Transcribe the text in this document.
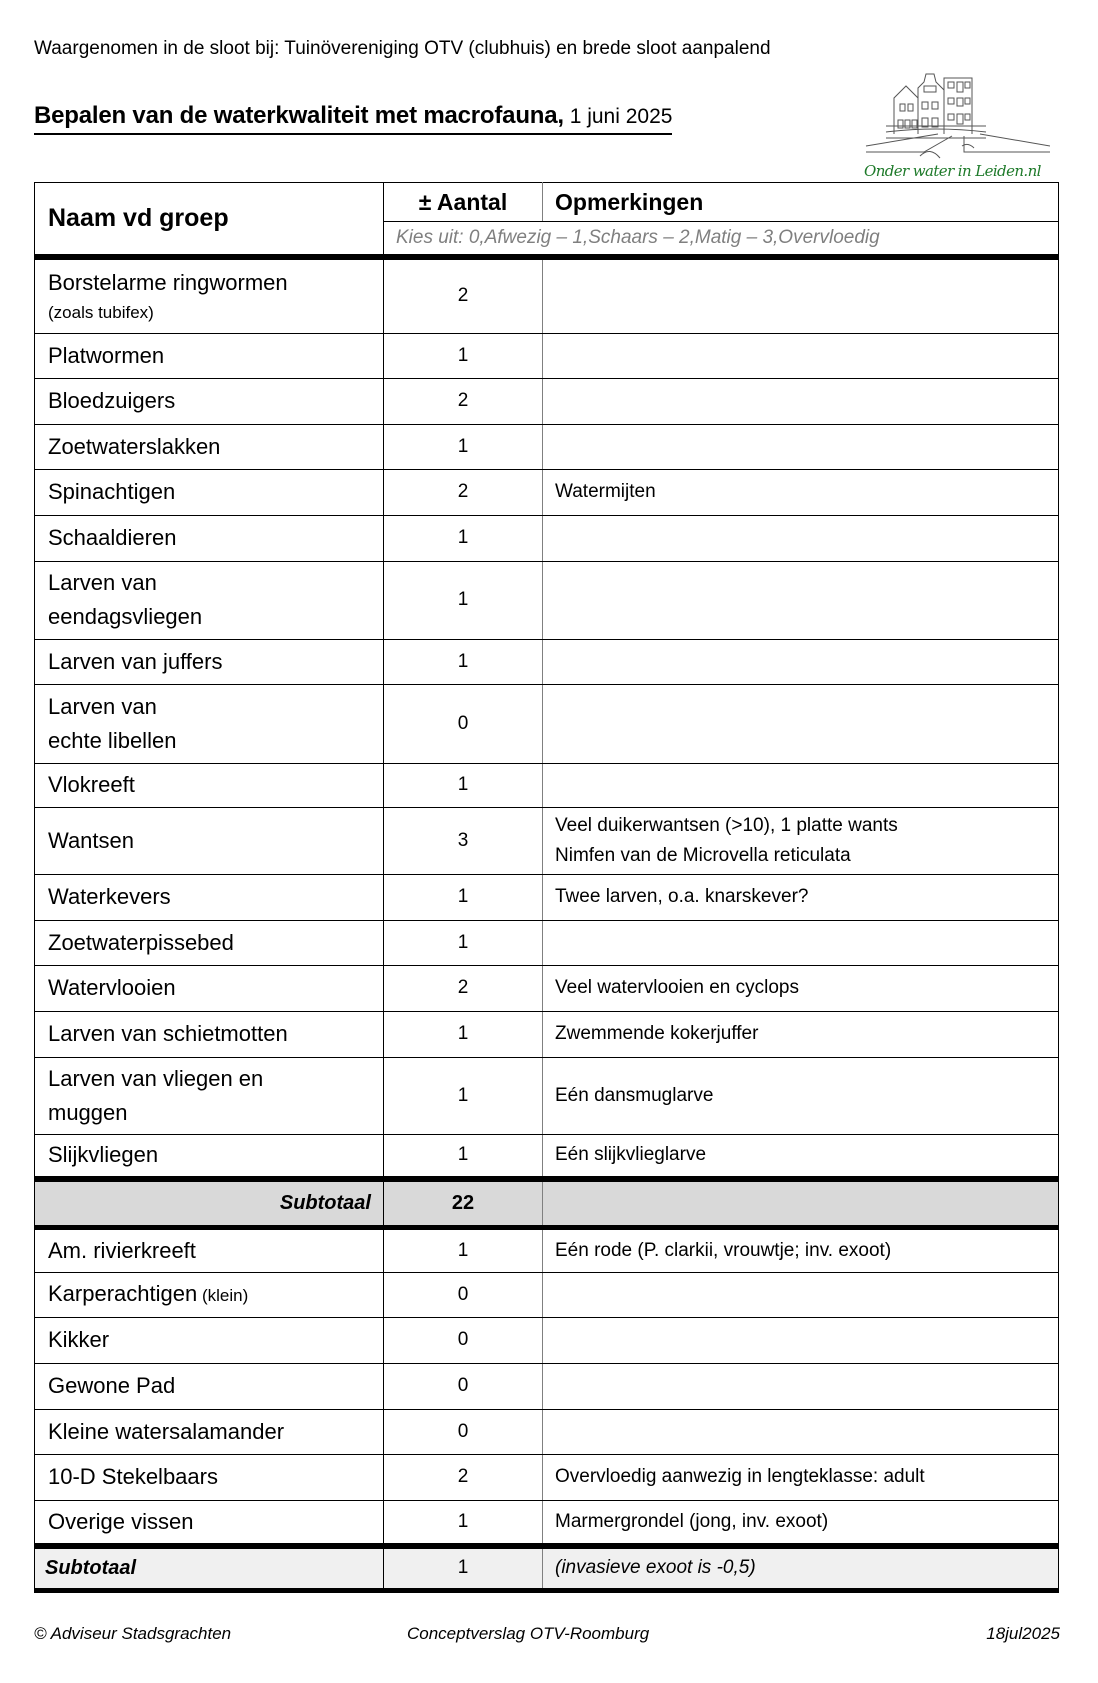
Waargenomen in de sloot bij: Tuinövereniging OTV (clubhuis) en brede sloot aanpalend
Bepalen van de waterkwaliteit met macrofauna, 1 juni 2025
Onder water in Leiden.nl
Naam vd groep	± Aantal	Opmerkingen
	Kies uit: 0,Afwezig – 1,Schaars – 2,Matig – 3,Overvloedig	
Borstelarme ringwormen
(zoals tubifex)	2	
Platwormen	1	
Bloedzuigers	2	
Zoetwaterslakken	1	
Spinachtigen	2	Watermijten
Schaaldieren	1	

Larven van
eendagsvliegen	1	
Larven van juffers	1	

Larven van
echte libellen	0	
Vlokreeft	1	
Wantsen	3	Veel duikerwantsen (>10), 1 platte wants
Nimfen van de Microvella reticulata

Waterkevers	1	Twee larven, o.a. knarskever?
Zoetwaterpissebed	1	
Watervlooien	2	Veel watervlooien en cyclops
Larven van schietmotten	1	Zwemmende kokerjuffer

Larven van vliegen en
muggen	1	Eén dansmuglarve
Slijkvliegen	1	Eén slijkvlieglarve
Subtotaal	22	
Am. rivierkreeft	1	Eén rode (P. clarkii, vrouwtje; inv. exoot)
Karperachtigen (klein)	0	
Kikker	0	
Gewone Pad	0	
Kleine watersalamander	0	
10-D Stekelbaars	2	Overvloedig aanwezig in lengteklasse: adult
Overige vissen	1	Marmergrondel (jong, inv. exoot)
Subtotaal	1	(invasieve exoot is -0,5)
© Adviseur Stadsgrachten	Conceptverslag OTV-Roomburg	18jul2025
